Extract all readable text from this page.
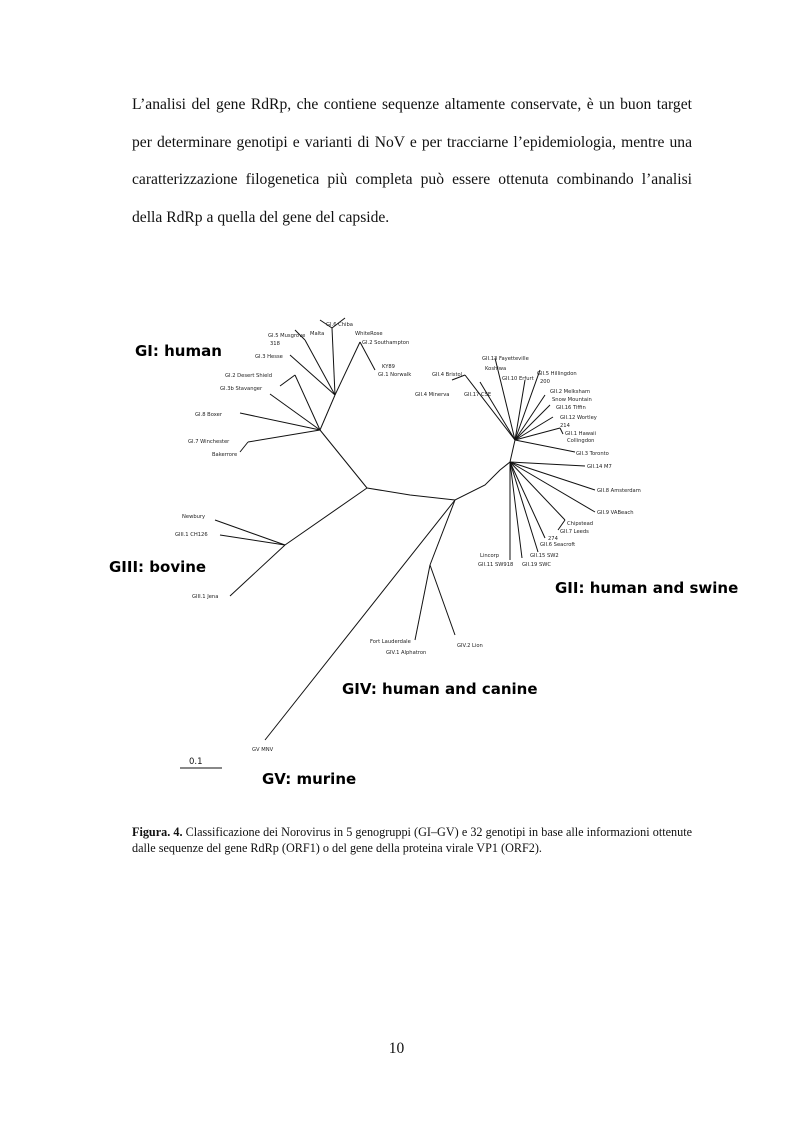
L’analisi del gene RdRp, che contiene sequenze altamente conservate, è un buon target per determinare genotipi e varianti di NoV e per tracciarne l’epidemiologia, mentre una caratterizzazione filogenetica più completa può essere ottenuta combinando l’analisi della RdRp a quella del gene del capside.

GI.6 Chiba
GI.5 Musgrove Malta
318
WhiteRose
GI.2 Southampton
GI.3 Hesse
KY89
GI.1 Norwalk
GI.2 Desert Shield
GI.3b Stavanger
GI.8 Boxer
GI.7 Winchester
Bakerrore
Newbury
GIII.1 CH126
GIII.1 Jena
GII.13 Fayetteville
Koshiwa
GII.5 Hillingdon
200
GII.10 Erfurt
GII.4 Bristol
GII.17 CSE
GII.4 Minerva	GII.2 Melksham
Snow Mountain
GII.16 Tiffin
GII.12 Wortley
214
GII.1 Hawaii
Collingdon
GII.3 Toronto
GII.14 M7
GII.8 Amsterdam
GII.9 VABeach
Chipstead
GII.7 Leeds
274
GII.6 Seacroft
Lincorp	GII.15 SW2
GII.11 SW918 GII.19 SWC
Fort Lauderdale
GIV.1 Alphatron
GIV.2 Lion
GV MNV
0.1
GI: human
GIII: bovine
GII: human and swine
GIV: human and canine
GV: murine

Figura. 4. Classificazione dei Norovirus in 5 genogruppi (GI–GV) e 32 genotipi in base alle informazioni ottenute dalle sequenze del gene RdRp (ORF1) o del gene della proteina virale VP1 (ORF2).

10
